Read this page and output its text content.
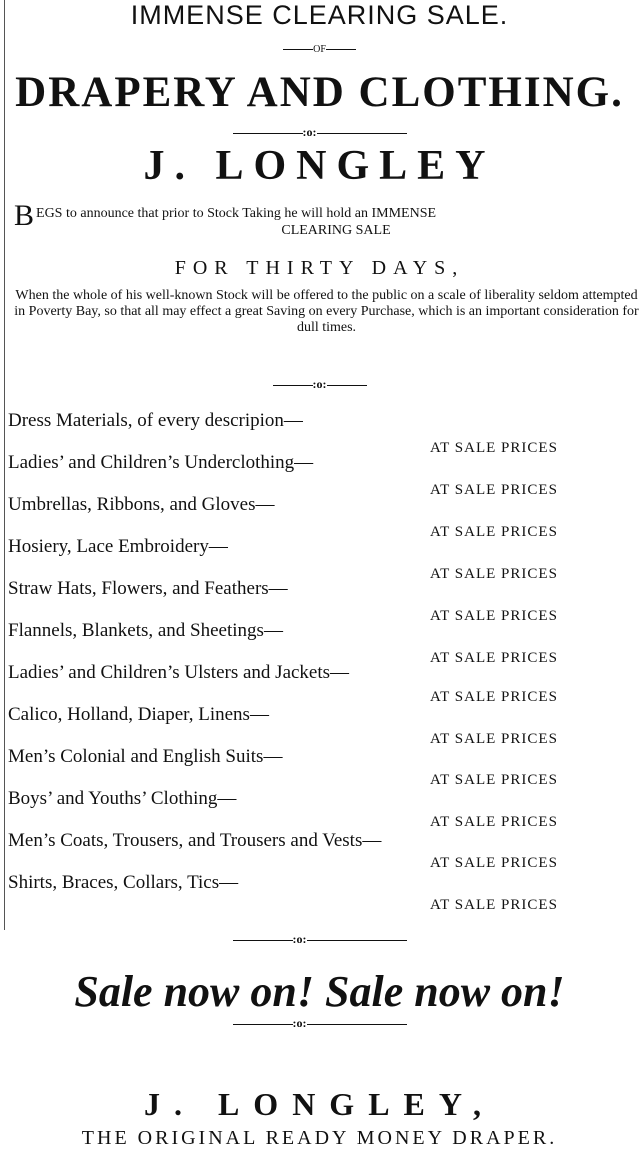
IMMENSE CLEARING SALE.
OF
DRAPERY AND CLOTHING.
:o:
J. LONGLEY
B EGS to announce that prior to Stock Taking he will hold an IMMENSE
CLEARING SALE
FOR THIRTY DAYS,
When the whole of his well-known Stock will be offered to the public on a scale of liberality seldom attempted in Poverty Bay, so that all may effect a great Saving on every Purchase, which is an important consideration for dull times.
:o:
Dress Materials, of every descripion—
Ladies’ and Children’s Underclothing—
Umbrellas, Ribbons, and Gloves—
Hosiery, Lace Embroidery—
Straw Hats, Flowers, and Feathers—
Flannels, Blankets, and Sheetings—
Ladies’ and Children’s Ulsters and Jackets—
Calico, Holland, Diaper, Linens—
Men’s Colonial and English Suits—
Boys’ and Youths’ Clothing—
Men’s Coats, Trousers, and Trousers and Vests—
Shirts, Braces, Collars, Tics—
AT SALE PRICES
AT SALE PRICES
AT SALE PRICES
AT SALE PRICES
AT SALE PRICES
AT SALE PRICES
AT SALE PRICES
AT SALE PRICES
AT SALE PRICES
AT SALE PRICES
AT SALE PRICES
AT SALE PRICES
:o:
Sale now on! Sale now on!
:o:
J. LONGLEY,
THE ORIGINAL READY MONEY DRAPER.
